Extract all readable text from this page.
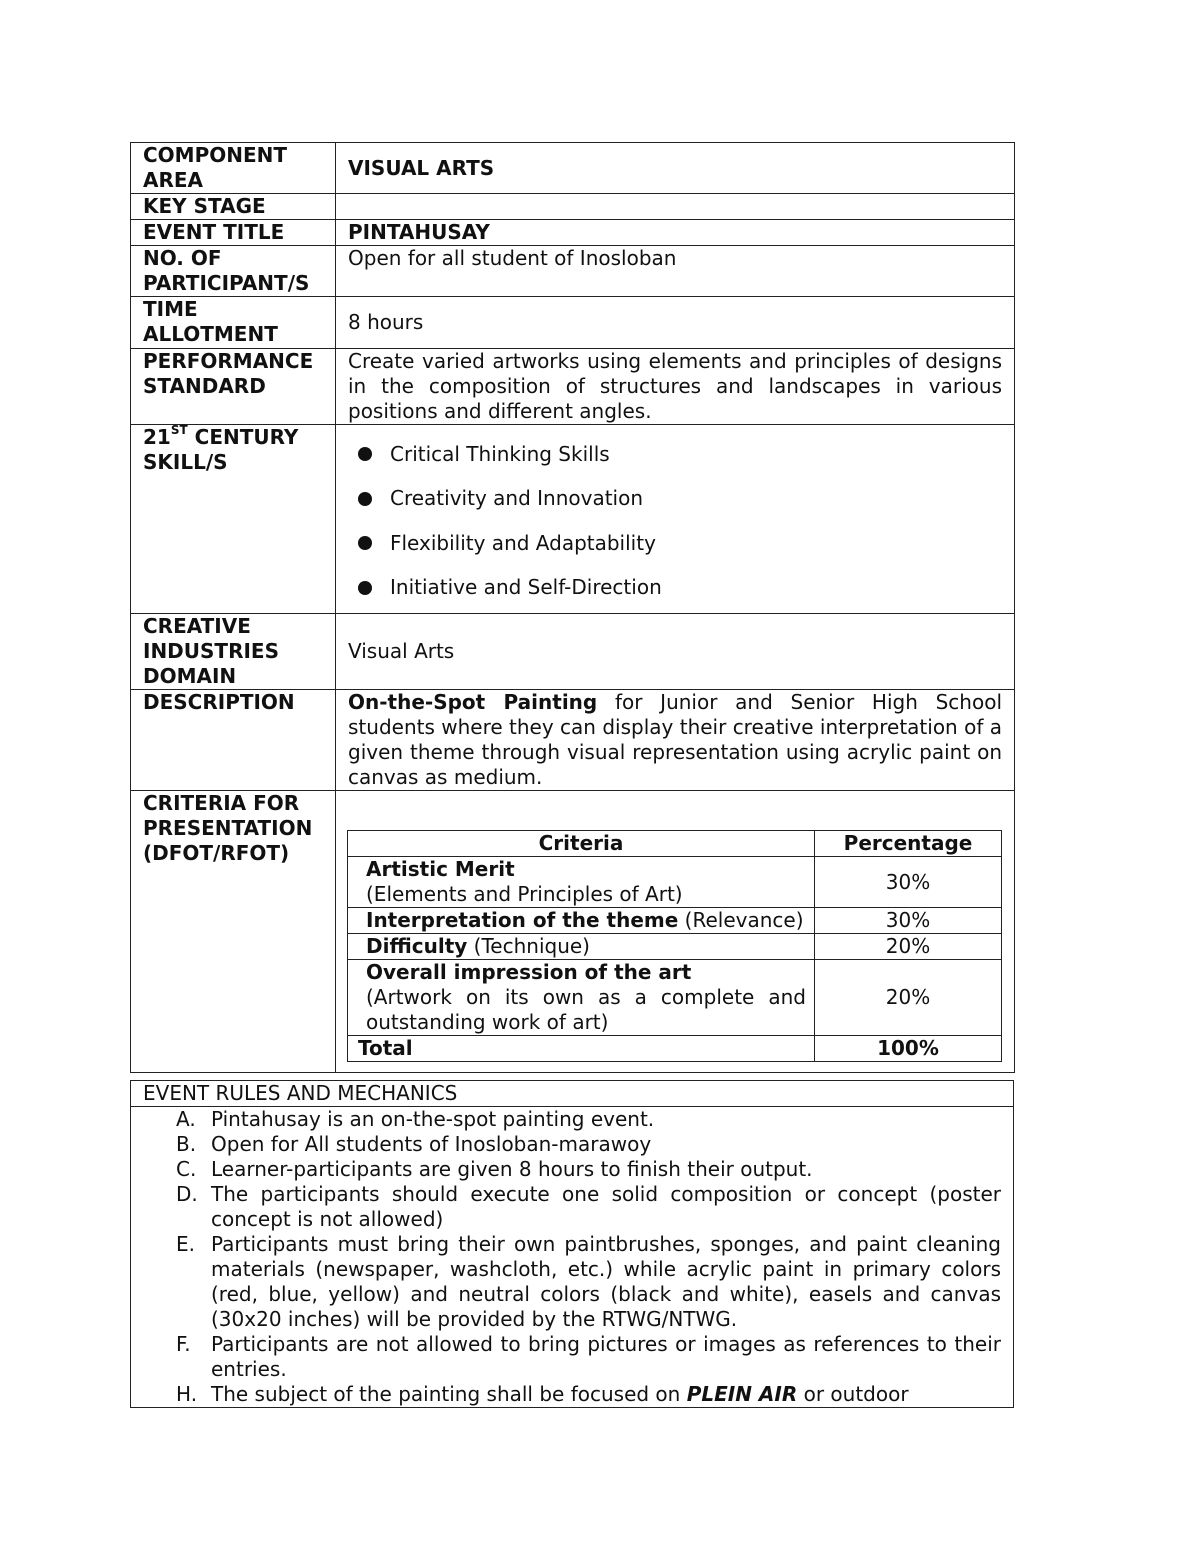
COMPONENT AREA	VISUAL ARTS
KEY STAGE	
EVENT TITLE	PINTAHUSAY
NO. OF PARTICIPANT/S	Open for all student of Inosloban
TIME ALLOTMENT	8 hours
PERFORMANCE STANDARD	Create varied artworks using elements and principles of designs in the composition of structures and landscapes in various positions and different angles.
21ST CENTURY SKILL/S	Critical Thinking Skills
Creativity and Innovation
Flexibility and Adaptability
Initiative and Self-Direction

CREATIVE INDUSTRIES DOMAIN	Visual Arts
DESCRIPTION	On-the-Spot Painting for Junior and Senior High School students where they can display their creative interpretation of a given theme through visual representation using acrylic paint on canvas as medium.
CRITERIA FOR PRESENTATION (DFOT/RFOT)		Criteria	Percentage

Artistic Merit
(Elements and Principles of Art)
	30%
Interpretation of the theme (Relevance)	30%
Difficulty (Technique)	20%

Overall impression of the art
(Artwork on its own as a complete and outstanding work of art)
	20%
Total	100%
EVENT RULES AND MECHANICS

A. Pintahusay is an on-the-spot painting event.
B. Open for All students of Inosloban-marawoy
C. Learner-participants are given 8 hours to finish their output.
D. The participants should execute one solid composition or concept (poster concept is not allowed)
E. Participants must bring their own paintbrushes, sponges, and paint cleaning materials (newspaper, washcloth, etc.) while acrylic paint in primary colors (red, blue, yellow) and neutral colors (black and white), easels and canvas (30x20 inches) will be provided by the RTWG/NTWG.
F.	Participants are not allowed to bring pictures or images as references to their entries.
H. The subject of the painting shall be focused on PLEIN AIR or outdoor
